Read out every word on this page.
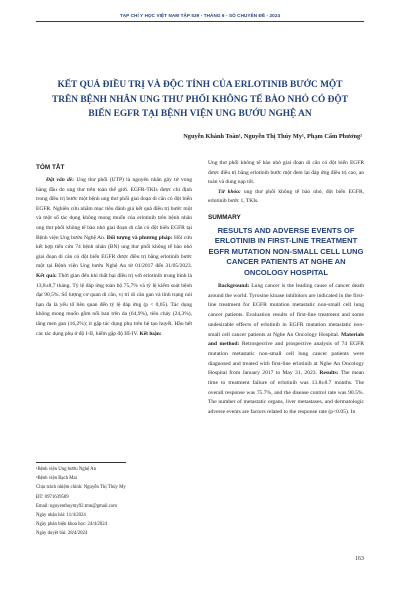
TẠP CHÍ Y HỌC VIỆT NAM TẬP 539 - THÁNG 6 - SỐ CHUYÊN ĐỀ - 2024
KẾT QUẢ ĐIỀU TRỊ VÀ ĐỘC TÍNH CỦA ERLOTINIB BƯỚC MỘT TRÊN BỆNH NHÂN UNG THƯ PHỔI KHÔNG TẾ BÀO NHỎ CÓ ĐỘT BIẾN EGFR TẠI BỆNH VIỆN UNG BƯỚU NGHỆ AN
Nguyễn Khánh Toàn¹, Nguyễn Thị Thúy My¹, Phạm Cẩm Phương²
TÓM TẮT

Đặt vấn đề: Ung thư phổi (UTP) là nguyên nhân gây tử vong hàng đầu do ung thư trên toàn thế giới. EGFR-TKIs được chỉ định trong điều trị bước một bệnh ung thư phổi giai đoạn di căn có đột biến EGFR. Nghiên cứu nhằm mục tiêu đánh giá kết quả điều trị bước một và một số tác dụng không mong muốn của erlotinib trên bệnh nhân ung thư phổi không tế bào nhỏ giai đoạn di căn có đột biến EGFR tại Bệnh viện Ung bướu Nghệ An. Đối tượng và phương pháp: Hồi cứu kết hợp tiến cứu 74 bệnh nhân (BN) ung thư phổi không tế bào nhỏ giai đoạn di căn có đột biến EGFR được điều trị bằng erlotinib bước một tại Bệnh viện Ung bướu Nghệ An từ 01/2017 đến 31/05/2023. Kết quả: Thời gian đến khi thất bại điều trị với erlotinib trung bình là 13,8±8,7 tháng. Tỷ lệ đáp ứng toàn bộ 75,7% và tỷ lệ kiểm soát bệnh đạt 90,5%. Số lượng cơ quan di căn, vị trí di căn gan và tình trạng nói hạn đa là yếu tố liên quan đến tỷ lệ đáp ứng (p < 0,05). Tác dụng không mong muốn gồm nổi ban trên da (64,9%), tiêu chảy (24,3%), tăng men gan (16,2%); ít gặp tác dụng phụ trên hệ tạo huyết. Hầu hết các tác dụng phụ ở độ I-II, hiếm gặp độ III-IV. Kết luận:

¹Bệnh viện Ung bướu Nghệ An
²Bệnh viện Bạch Mai
Chịu trách nhiệm chính: Nguyễn Thị Thúy My
ĐT: 0971639589
Email: nguyenthuymy92.tmn@gmail.com
Ngày nhận bài: 11/4/2024
Ngày phản biện khoa học: 24/4/2024
Ngày duyệt bài: 28/4/2024

Ung thư phổi không tế bào nhỏ giai đoạn di căn có đột biến EGFR được điều trị bằng erlotinib bước một đem lại đáp ứng điều trị cao, an toàn và dung nạp tốt.

Từ khóa: ung thư phổi không tế bào nhỏ, đột biến EGFR, erlotinib bước 1, TKIs.

SUMMARY
RESULTS AND ADVERSE EVENTS OF ERLOTINIB IN FIRST-LINE TREATMENT EGFR MUTATION NON-SMALL CELL LUNG CANCER PATIENTS AT NGHE AN ONCOLOGY HOSPITAL

Background: Lung cancer is the leading cause of cancer death around the world. Tyrosine kinase inhibitors are indicated in the first-line treatment for EGFR mutation metastatic non-small cell lung cancer patients. Evaluation results of first-line treatment and some undesirable effects of erlotinib in EGFR mutation metastatic non-small cell cancer patients at Nghe An Oncology Hospital. Materials and method: Retrospective and prospective analysis of 74 EGFR mutation metastatic non-small cell lung cancer patients were diagnosed and treated with first-line erlotinib at Nghe An Oncology Hospital from January 2017 to May 31, 2023. Results: The mean time to treatment failure of erlotinib was 13.8±8.7 months. The overall response was 75.7%, and the disease control rate was 90.5%. The number of metastatic organs, liver metastases, and dermatologic adverse events are factors related to the response rate (p<0.05). In

163
